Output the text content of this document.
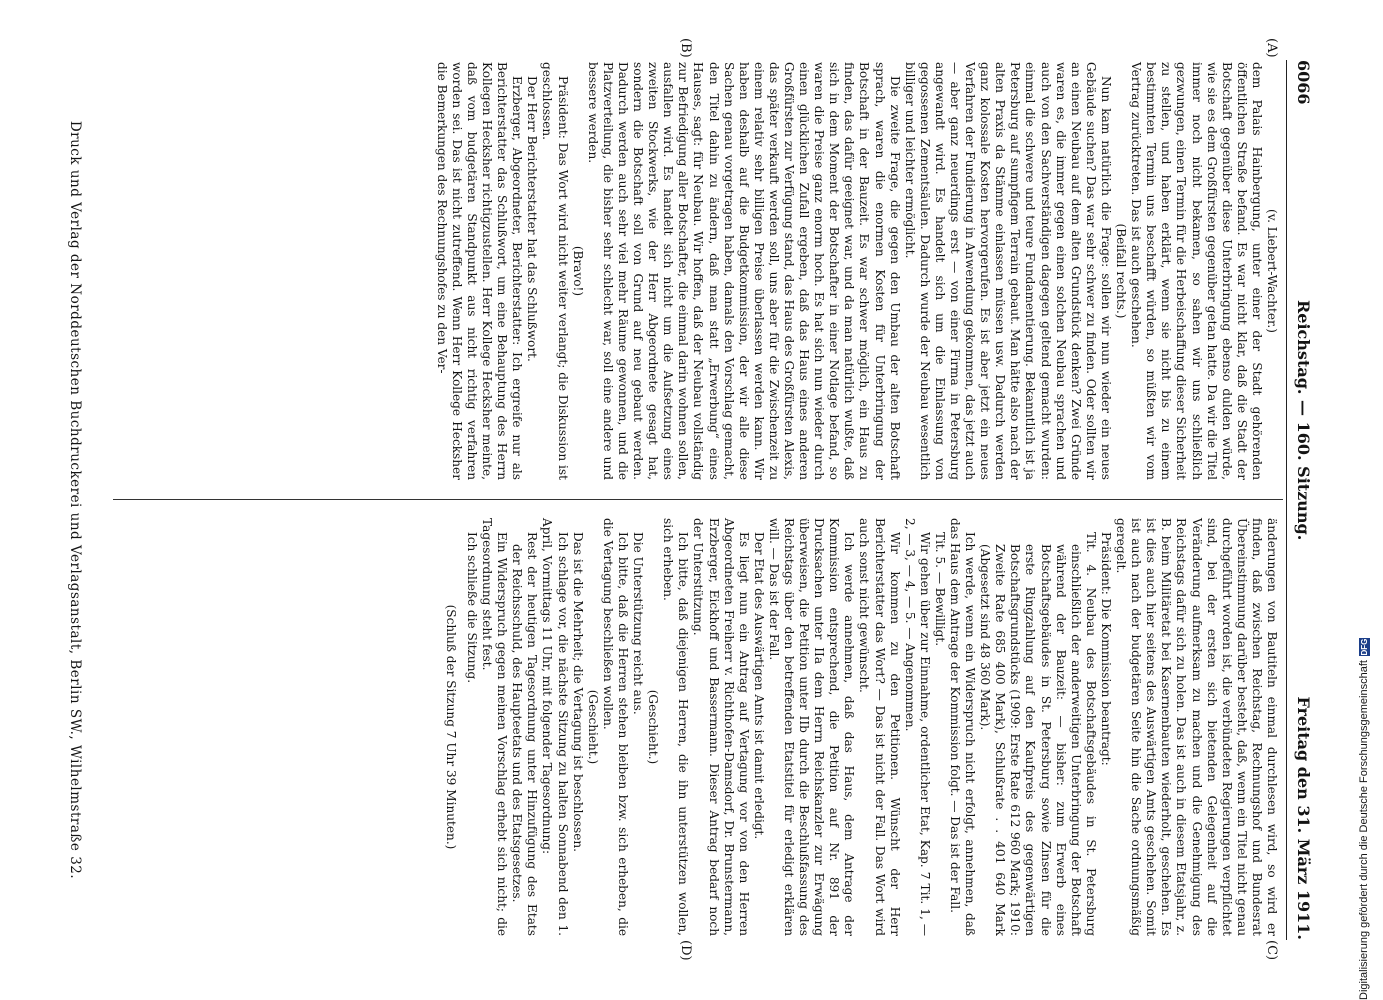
6066
Reichstag. — 160. Sitzung.
Freitag den 31. März 1911.
(A)
(B)
(C)
(D)

(v. Liebert-Wachter.)

dem Palais Hainbergung, unter einer der Stadt gehörenden öffentlichen Straße befand. Es war nicht klar, daß die Stadt der Botschaft gegenüber diese Unterbringung ebenso dulden würde, wie sie es dem Großfürsten gegenüber getan hatte. Da wir die Titel immer noch nicht bekamen, so sahen wir uns schließlich gezwungen, einen Termin für die Herbeischaffung dieser Sicherheit zu stellen, und haben erklärt, wenn sie nicht bis zu einem bestimmten Termin uns beschafft würden, so müßten wir vom Vertrag zurücktreten. Das ist auch geschehen.

(Beifall rechts.)

Nun kam natürlich die Frage: sollen wir nun wieder ein neues Gebäude suchen? Das war sehr schwer zu finden. Oder sollten wir an einen Neubau auf dem alten Grundstück denken? Zwei Gründe waren es, die immer gegen einen solchen Neubau sprachen und auch von den Sachverständigen dagegen geltend gemacht wurden: einmal die schwere und teure Fundamentierung. Bekanntlich ist ja Petersburg auf sumpfigem Terrain gebaut. Man hätte also nach der alten Praxis da Stämme einlassen müssen usw. Dadurch werden ganz kolossale Kosten hervorgerufen. Es ist aber jetzt ein neues Verfahren der Fundierung in Anwendung gekommen, das jetzt auch — aber ganz neuerdings erst — von einer Firma in Petersburg angewandt wird. Es handelt sich um die Einlassung von gegossenen Zementsäulen. Dadurch wurde der Neubau wesentlich billiger und leichter ermöglicht.

Die zweite Frage, die gegen den Umbau der alten Botschaft sprach, waren die enormen Kosten für Unterbringung der Botschaft in der Bauzeit. Es war schwer möglich, ein Haus zu finden, das dafür geeignet war, und da man natürlich wußte, daß sich in dem Moment der Botschafter in einer Notlage befand, so waren die Preise ganz enorm hoch. Es hat sich nun wieder durch einen glücklichen Zufall ergeben, daß das Haus eines anderen Großfürsten zur Verfügung stand, das Haus des Großfürsten Alexis, das später verkauft werden soll, uns aber für die Zwischenzeit zu einem relativ sehr billigen Preise überlassen werden kann. Wir haben deshalb auf die Budgetkommission, der wir alle diese Sachen genau vorgetragen haben, damals den Vorschlag gemacht, den Titel dahin zu ändern, daß man statt „Erwerbung“ eines Hauses, sagt: für Neubau. Wir hoffen, daß der Neubau vollständig zur Befriedigung aller Botschafter, die einmal darin wohnen sollen, ausfallen wird. Es handelt sich nicht um die Aufsetzung eines zweiten Stockwerks, wie der Herr Abgeordnete gesagt hat, sondern die Botschaft soll von Grund auf neu gebaut werden. Dadurch werden auch sehr viel mehr Räume gewonnen, und die Platzverteilung, die bisher sehr schlecht war, soll eine andere und bessere werden.

(Bravo!)

Präsident: Das Wort wird nicht weiter verlangt; die Diskussion ist geschlossen.

Der Herr Berichterstatter hat das Schlußwort.

Erzberger, Abgeordneter, Berichterstatter: Ich ergreife nur als Berichterstatter das Schlußwort, um eine Behauptung des Herrn Kollegen Hecksher richtigzustellen. Herr Kollege Hecksher meinte, daß vom budgetären Standpunkt aus nicht richtig verfahren worden sei. Das ist nicht zutreffend. Wenn Herr Kollege Hecksher die Bemerkungen des Rechnungshofes zu den Ver-

änderungen von Bautiteln einmal durchlesen wird, so wird er finden, daß zwischen Reichstag, Rechnungshof und Bundesrat Übereinstimmung darüber besteht, daß, wenn ein Titel nicht genau durchgeführt worden ist, die verbündeten Regierungen verpflichtet sind, bei der ersten sich bietenden Gelegenheit auf die Veränderung aufmerksam zu machen und die Genehmigung des Reichstags dafür sich zu holen. Das ist auch in diesem Etatsjahr, z. B. beim Militäretat bei Kasernenbauten wiederholt, geschehen. Es ist dies auch hier seitens des Auswärtigen Amts geschehen. Somit ist auch nach der budgetären Seite hin die Sache ordnungsmäßig geregelt.

Präsident: Die Kommission beantragt:

Tit. 4. Neubau des Botschaftsgebäudes in St. Petersburg einschließlich der anderweitigen Unterbringung der Botschaft während der Bauzeit: — bisher: zum Erwerb eines Botschaftsgebäudes in St. Petersburg sowie Zinsen für die erste Ringzahlung auf den Kaufpreis des gegenwärtigen Botschaftsgrundstücks (1909: Erste Rate 612 960 Mark; 1910: Zweite Rate 685 400 Mark), Schlußrate . . 401 640 Mark (Abgesetzt sind 48 360 Mark).

Ich werde, wenn ein Widerspruch nicht erfolgt, annehmen, daß das Haus dem Antrage der Kommission folgt. — Das ist der Fall.

Tit. 5. — Bewilligt.

Wir gehen über zur Einnahme, ordentlicher Etat, Kap. 7 Tit. 1, — 2, — 3, — 4, — 5. — Angenommen.

Wir kommen zu den Petitionen. Wünscht der Herr Berichterstatter das Wort? — Das ist nicht der Fall. Das Wort wird auch sonst nicht gewünscht.

Ich werde annehmen, daß das Haus, dem Antrage der Kommission entsprechend, die Petition auf Nr. 891 der Drucksachen unter IIa dem Herrn Reichskanzler zur Erwägung überweisen, die Petition unter IIb durch die Beschlußfassung des Reichstags über den betreffenden Etatstitel für erledigt erklären will. — Das ist der Fall.

Der Etat des Auswärtigen Amts ist damit erledigt.

Es liegt nun ein Antrag auf Vertagung vor von den Herren Abgeordneten Freiherr v. Richthofen-Damsdorf, Dr. Brunstermann, Erzberger, Eickhoff und Bassermann. Dieser Antrag bedarf noch der Unterstützung.

Ich bitte, daß diejenigen Herren, die ihn unterstützen wollen, sich erheben.

(Geschieht.)

Die Unterstützung reicht aus.

Ich bitte, daß die Herren stehen bleiben bzw. sich erheben, die die Vertagung beschließen wollen.

(Geschieht.)

Das ist die Mehrheit; die Vertagung ist beschlossen.

Ich schlage vor, die nächste Sitzung zu halten Sonnabend den 1. April, Vormittags 11 Uhr, mit folgender Tagesordnung:

Rest der heutigen Tagesordnung unter Hinzufügung des Etats der Reichsschuld, des Haupteetats und des Etatsgesetzes.

Ein Widerspruch gegen meinen Vorschlag erhebt sich nicht; die Tagesordnung steht fest.

Ich schließe die Sitzung.

(Schluß der Sitzung 7 Uhr 39 Minuten.)

Druck und Verlag der Norddeutschen Buchdruckerei und Verlagsanstalt, Berlin SW., Wilhelmstraße 32.	Digitalisierung gefördert durch die Deutsche Forschungsgemeinschaft
DFG
